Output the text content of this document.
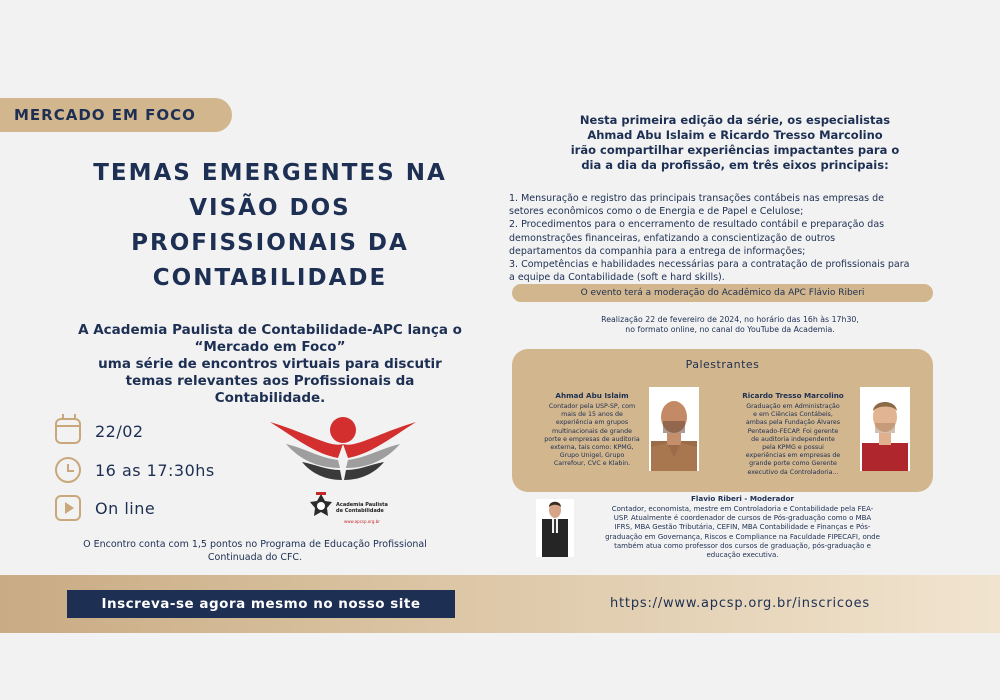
MERCADO EM FOCO
TEMAS EMERGENTES NA
VISÃO DOS
PROFISSIONAIS DA
CONTABILIDADE
A Academia Paulista de Contabilidade-APC lança o
“Mercado em Foco”
uma série de encontros virtuais para discutir
temas relevantes aos Profissionais da
Contabilidade.
22/02
16 as 17:30hs
On line	Academia Paulista
de Contabilidade
www.apcsp.org.br
O Encontro conta com 1,5 pontos no Programa de Educação Profissional
Continuada do CFC.
Nesta primeira edição da série, os especialistas
Ahmad Abu Islaim e Ricardo Tresso Marcolino
irão compartilhar experiências impactantes para o
dia a dia da profissão, em três eixos principais:
1. Mensuração e registro das principais transações contábeis nas empresas de
setores econômicos como o de Energia e de Papel e Celulose;
2. Procedimentos para o encerramento de resultado contábil e preparação das
demonstrações financeiras, enfatizando a conscientização de outros
departamentos da companhia para a entrega de informações;
3. Competências e habilidades necessárias para a contratação de profissionais para
a equipe da Contabilidade (soft e hard skills).
O evento terá a moderação do Acadêmico da APC Flávio Riberi
Realização 22 de fevereiro de 2024, no horário das 16h às 17h30,
no formato online, no canal do YouTube da Academia.
Palestrantes
Ahmad Abu Islaim
Contador pela USP-SP, com
mais de 15 anos de
experiência em grupos
multinacionais de grande
porte e empresas de auditoria
externa, tais como: KPMG,
Grupo Unigel, Grupo
Carrefour, CVC e Klabin.
Ricardo Tresso Marcolino
Graduação em Administração
e em Ciências Contábeis,
ambas pela Fundação Álvares
Penteado-FECAP. Foi gerente
de auditoria independente
pela KPMG e possui
experiências em empresas de
grande porte como Gerente
executivo da Controladoria...
Flavio Riberi - Moderador
Contador, economista, mestre em Controladoria e Contabilidade pela FEA-
USP. Atualmente é coordenador de cursos de Pós-graduação como o MBA
IFRS, MBA Gestão Tributária, CEFIN, MBA Contabilidade e Finanças e Pós-
graduação em Governança, Riscos e Compliance na Faculdade FIPECAFI, onde
também atua como professor dos cursos de graduação, pós-graduação e
educação executiva.
Inscreva-se agora mesmo no nosso site	https://www.apcsp.org.br/inscricoes
